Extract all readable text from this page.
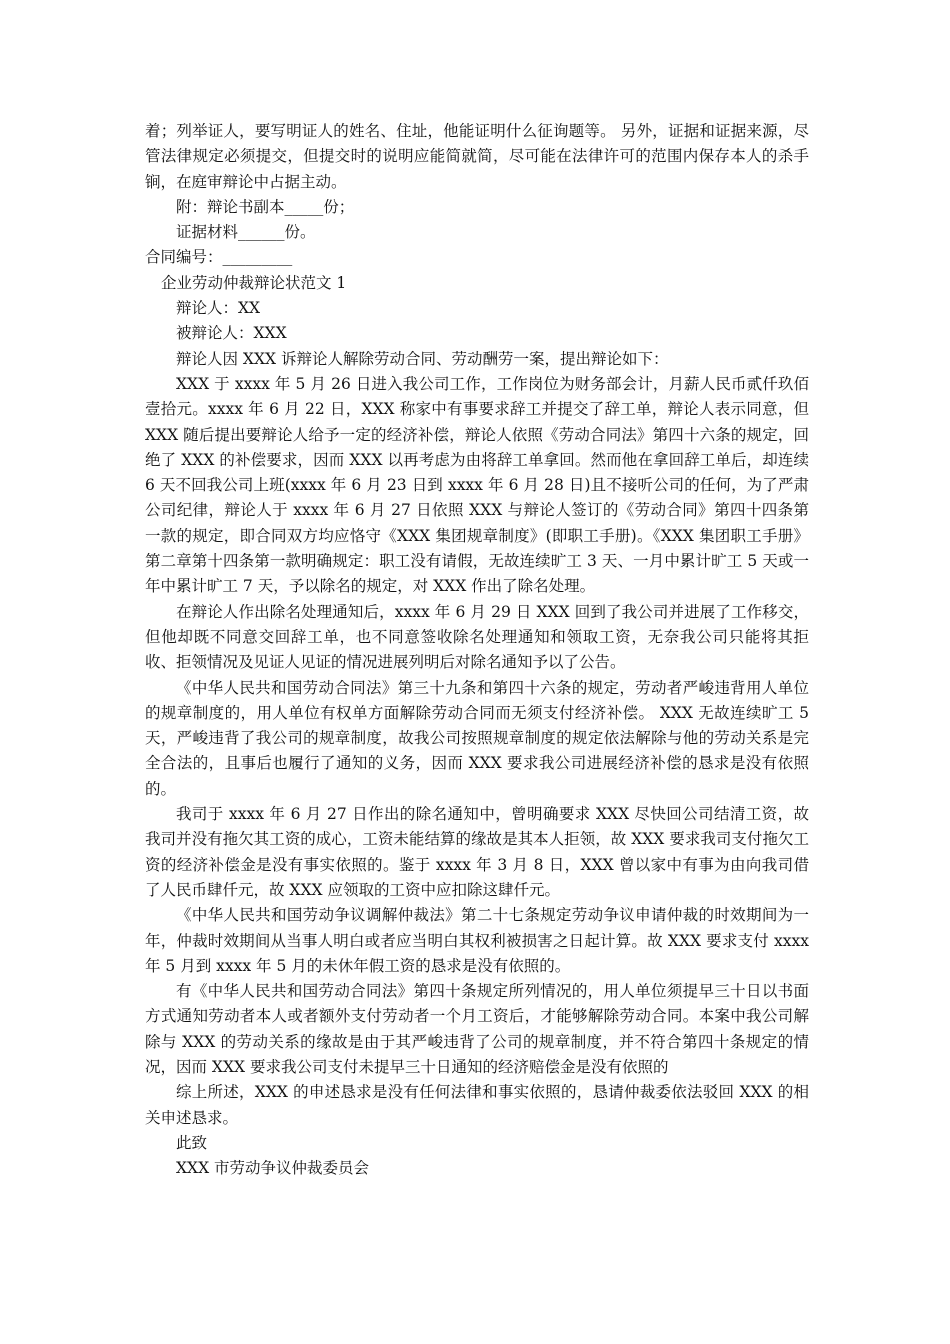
着；列举证人，要写明证人的姓名、住址，他能证明什么征询题等。 另外，证据和证据来源，尽管法律规定必须提交，但提交时的说明应能简就简，尽可能在法律许可的范围内保存本人的杀手锏，在庭审辩论中占据主动。

附：辩论书副本_____份；

证据材料______份。

合同编号：_________

企业劳动仲裁辩论状范文 1

辩论人：XX

被辩论人：XXX

辩论人因 XXX 诉辩论人解除劳动合同、劳动酬劳一案，提出辩论如下：

XXX 于 xxxx 年 5 月 26 日进入我公司工作，工作岗位为财务部会计，月薪人民币贰仟玖佰壹拾元。xxxx 年 6 月 22 日，XXX 称家中有事要求辞工并提交了辞工单，辩论人表示同意，但 XXX 随后提出要辩论人给予一定的经济补偿，辩论人依照《劳动合同法》第四十六条的规定，回绝了 XXX 的补偿要求，因而 XXX 以再考虑为由将辞工单拿回。然而他在拿回辞工单后，却连续 6 天不回我公司上班(xxxx 年 6 月 23 日到 xxxx 年 6 月 28 日)且不接听公司的任何，为了严肃公司纪律，辩论人于 xxxx 年 6 月 27 日依照 XXX 与辩论人签订的《劳动合同》第四十四条第一款的规定，即合同双方均应恪守《XXX 集团规章制度》(即职工手册)。《XXX 集团职工手册》第二章第十四条第一款明确规定：职工没有请假，无故连续旷工 3 天、一月中累计旷工 5 天或一年中累计旷工 7 天，予以除名的规定，对 XXX 作出了除名处理。

在辩论人作出除名处理通知后，xxxx 年 6 月 29 日 XXX 回到了我公司并进展了工作移交，但他却既不同意交回辞工单，也不同意签收除名处理通知和领取工资，无奈我公司只能将其拒收、拒领情况及见证人见证的情况进展列明后对除名通知予以了公告。

《中华人民共和国劳动合同法》第三十九条和第四十六条的规定，劳动者严峻违背用人单位的规章制度的，用人单位有权单方面解除劳动合同而无须支付经济补偿。 XXX 无故连续旷工 5 天，严峻违背了我公司的规章制度，故我公司按照规章制度的规定依法解除与他的劳动关系是完全合法的，且事后也履行了通知的义务，因而 XXX 要求我公司进展经济补偿的恳求是没有依照的。

我司于 xxxx 年 6 月 27 日作出的除名通知中，曾明确要求 XXX 尽快回公司结清工资，故我司并没有拖欠其工资的成心，工资未能结算的缘故是其本人拒领，故 XXX 要求我司支付拖欠工资的经济补偿金是没有事实依照的。鉴于 xxxx 年 3 月 8 日，XXX 曾以家中有事为由向我司借了人民币肆仟元，故 XXX 应领取的工资中应扣除这肆仟元。

《中华人民共和国劳动争议调解仲裁法》第二十七条规定劳动争议申请仲裁的时效期间为一年，仲裁时效期间从当事人明白或者应当明白其权利被损害之日起计算。故 XXX 要求支付 xxxx 年 5 月到 xxxx 年 5 月的未休年假工资的恳求是没有依照的。

有《中华人民共和国劳动合同法》第四十条规定所列情况的，用人单位须提早三十日以书面方式通知劳动者本人或者额外支付劳动者一个月工资后，才能够解除劳动合同。本案中我公司解除与 XXX 的劳动关系的缘故是由于其严峻违背了公司的规章制度，并不符合第四十条规定的情况，因而 XXX 要求我公司支付未提早三十日通知的经济赔偿金是没有依照的

综上所述，XXX 的申述恳求是没有任何法律和事实依照的，恳请仲裁委依法驳回 XXX 的相关申述恳求。

此致

XXX 市劳动争议仲裁委员会
